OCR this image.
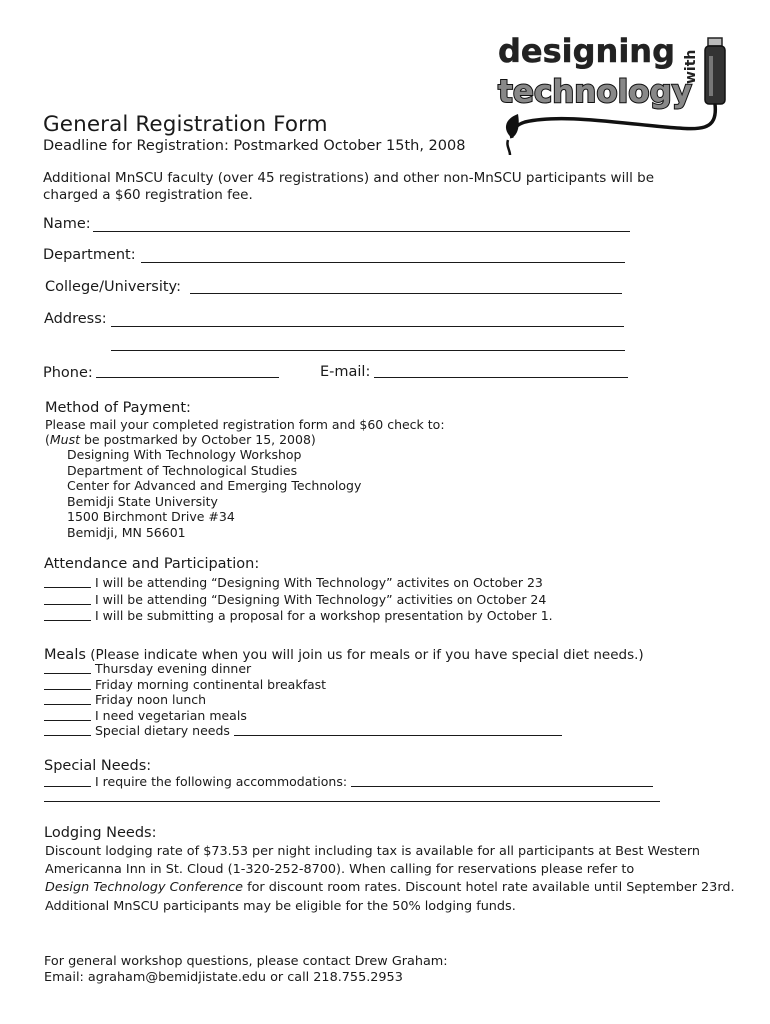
designing
technology
with
General Registration Form
Deadline for Registration: Postmarked October 15th, 2008
Additional MnSCU faculty (over 45 registrations) and other non-MnSCU participants will be
charged a $60 registration fee.
Name:
Department:
College/University:
Address:
Phone:	E-mail:
Method of Payment:
Please mail your completed registration form and $60 check to:
(Must be postmarked by October 15, 2008)
Designing With Technology Workshop
Department of Technological Studies
Center for Advanced and Emerging Technology
Bemidji State University
1500 Birchmont Drive #34
Bemidji, MN 56601
Attendance and Participation:
I will be attending “Designing With Technology” activites on October 23
I will be attending “Designing With Technology” activities on October 24
I will be submitting a proposal for a workshop presentation by October 1.
Meals (Please indicate when you will join us for meals or if you have special diet needs.)
Thursday evening dinner
Friday morning continental breakfast
Friday noon lunch
I need vegetarian meals
Special dietary needs
Special Needs:
I require the following accommodations:
Lodging Needs:
Discount lodging rate of $73.53 per night including tax is available for all participants at Best Western
Americanna Inn in St. Cloud (1-320-252-8700). When calling for reservations please refer to
Design Technology Conference for discount room rates. Discount hotel rate available until September 23rd.
Additional MnSCU participants may be eligible for the 50% lodging funds.
For general workshop questions, please contact Drew Graham:
Email: agraham@bemidjistate.edu or call 218.755.2953
